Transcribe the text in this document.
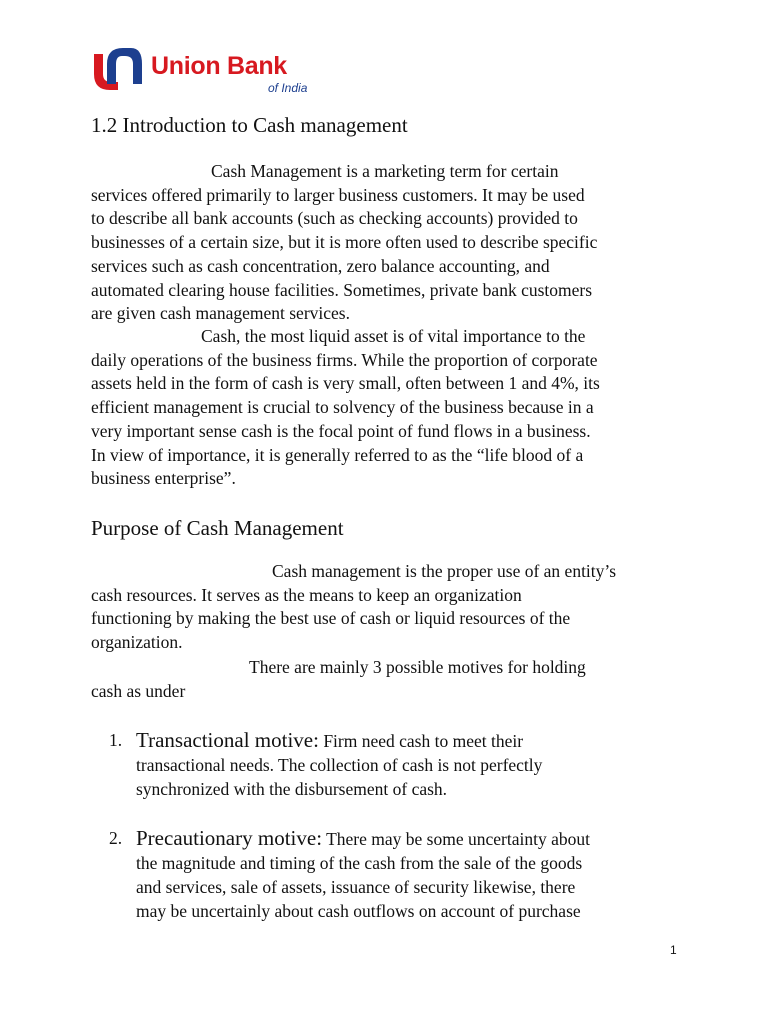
Union Bank
of India
1.2 Introduction to Cash management
Cash Management is a marketing term for certain
services offered primarily to larger business customers. It may be used
to describe all bank accounts (such as checking accounts) provided to
businesses of a certain size, but it is more often used to describe specific
services such as cash concentration, zero balance accounting, and
automated clearing house facilities. Sometimes, private bank customers
are given cash management services.
Cash, the most liquid asset is of vital importance to the
daily operations of the business firms. While the proportion of corporate
assets held in the form of cash is very small, often between 1 and 4%, its
efficient management is crucial to solvency of the business because in a
very important sense cash is the focal point of fund flows in a business.
In view of importance, it is generally referred to as the “life blood of a
business enterprise”.
Purpose of Cash Management
Cash management is the proper use of an entity’s
cash resources. It serves as the means to keep an organization
functioning by making the best use of cash or liquid resources of the
organization.
There are mainly 3 possible motives for holding
cash as under
1. Transactional motive: Firm need cash to meet their
transactional needs. The collection of cash is not perfectly
synchronized with the disbursement of cash.
2. Precautionary motive: There may be some uncertainty about
the magnitude and timing of the cash from the sale of the goods
and services, sale of assets, issuance of security likewise, there
may be uncertainly about cash outflows on account of purchase
1
